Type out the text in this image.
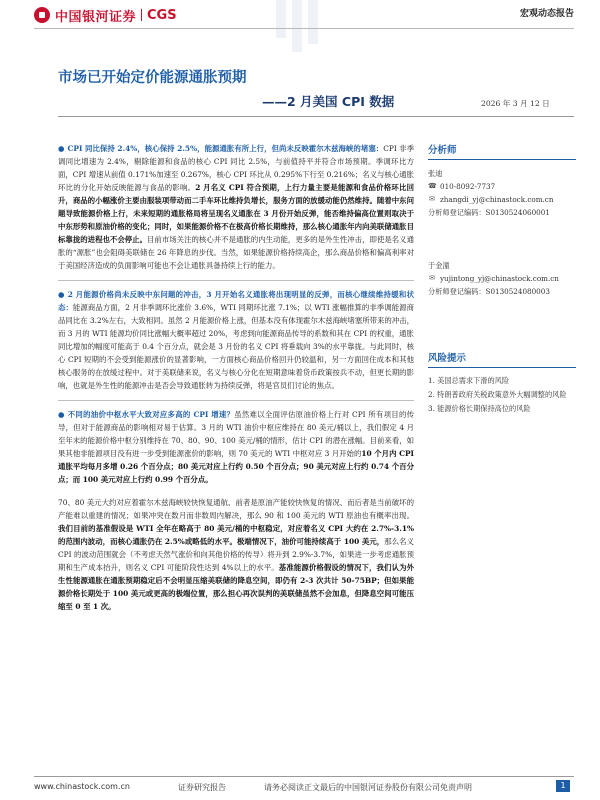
中国银河证券 CGS	宏观动态报告
市场已开始定价能源通胀预期
——2 月美国 CPI 数据	2026 年 3 月 12 日

● CPI 同比保持 2.4%，核心保持 2.5%，能源通胀有所上行，但尚未反映霍尔木兹海峡的堵塞：CPI 非季调同比增速为 2.4%，剔除能源和食品的核心 CPI 同比 2.5%，与前值持平并符合市场预期。季调环比方面，CPI 增速从前值 0.171%加速至 0.267%，核心 CPI 环比从 0.295%下行至 0.216%；名义与核心通胀环比的分化开始反映能源与食品的影响。2 月名义 CPI 符合预期，上行力量主要是能源和食品价格环比回升，商品的小幅涨价主要由服装项带动而二手车环比维持负增长，服务方面的放缓动能仍然维持。随着中东问题导致能源价格上行，未来短期的通胀格局将呈现名义通胀在 3 月份开始反弹，能否维持偏高位置则取决于中东形势和原油价格的变化；同时，如果能源价格不在极高价格长期维持，那么核心通胀年内向美联储通胀目标靠拢的进程也不会停止。目前市场关注的核心并不是通胀的内生动能，更多的是外生性冲击，即使是名义通胀的“源胀”也会阻碍美联储在 26 年降息的步伐。当然，如果能源价格持续高企，那么商品价格和偏高利率对于美国经济造成的负面影响可能也不会让通胀具备持续上行的能力。

● 2 月能源价格尚未反映中东问题的冲击，3 月开始名义通胀将出现明显的反弹，而核心继续维持缓和状态：能源商品方面，2 月非季调环比涨价 3.6%，WTI 同期环比涨 7.1%；以 WTI 涨幅推算的非季调能源商品同比在 3.2%左右，大致相同。虽然 2 月能源价格上涨，但基本没有体现霍尔木兹海峡堵塞所带来的冲击，而 3 月的 WTI 能源均价同比涨幅大概率超过 20%，考虑到向能源商品传导的系数和其在 CPI 的权重，通胀同比增加的幅度可能高于 0.4 个百分点，就会是 3 月份的名义 CPI 将垂载向 3%的水平靠拢。与此同时，核心 CPI 短期的不会受到能源涨价的显著影响，一方面核心商品价格回升仍较温和，另一方面回住成本和其他核心服务的在放缓过程中。对于美联储来说，名义与核心分化在短期意味着货币政策按兵不动，但更长期的影响，也就是外生性的能源冲击是否会导致通胀转为持续反弹，将是官员们讨论的焦点。

● 不同的油价中枢水平大致对应多高的 CPI 增速？虽然难以全面评估原油价格上行对 CPI 所有项目的传导，但对于能源商品的影响相对易于估算。3 月的 WTI 油价中枢应维持在 80 美元/桶以上，我们假定 4 月至年末的能源价格中枢分别维持在 70、80、90、100 美元/桶的情形，估计 CPI 的潜在涨幅。目前来看，如果其他非能源项目没有进一步受到能源涨价的影响，则 70 美元的 WTI 中枢对应 3 月开始的10 个月内 CPI 通胀平均每月多增 0.26 个百分点；80 美元对应上行约 0.50 个百分点；90 美元对应上行约 0.74 个百分点；而 100 美元对应上行约 0.99 个百分点。

70、80 美元大约对应着霍尔木兹海峡较快恢复通航、前者是原油产能较快恢复的情况、而后者是当前破坏的产能难以重建的情况；如果冲突在数月而非数周内解决，那么 90 和 100 美元的 WTI 原油也有概率出现。我们目前的基准假设是 WTI 全年在略高于 80 美元/桶的中枢稳定，对应着名义 CPI 大约在 2.7%-3.1%的范围内波动，而核心通胀仍在 2.5%或略低的水平。极端情况下，油价可能持续高于 100 美元，那么名义 CPI 的波动范围就会（不考虑天然气涨价和向其他价格的传导）将升到 2.9%-3.7%，如果进一步考虑通胀预期和生产成本抬升，则名义 CPI 可能阶段性达到 4%以上的水平。基准能源价格假设的情况下，我们认为外生性能源通胀在通胀预期稳定后不会明显压缩美联储的降息空间，即仍有 2-3 次共计 50-75BP；但如果能源价格长期处于 100 美元或更高的极端位置，那么担心再次误判的美联储虽然不会加息，但降息空间可能压缩至 0 至 1 次。

分析师
张迪
☎ 010-8092-7737
✉ zhangdi_yj@chinastock.com.cn
分析师登记编码：S0130524060001
于金潼
✉ yujintong_yj@chinastock.com.cn
分析师登记编码：S0130524080003
风险提示
1. 美国总需求下滑的风险
2. 特朗普政府关税政策意外大幅调整的风险
3. 能源价格长期保持高位的风险
www.chinastock.com.cn	证券研究报告	请务必阅读正文最后的中国银河证券股份有限公司免责声明	1
